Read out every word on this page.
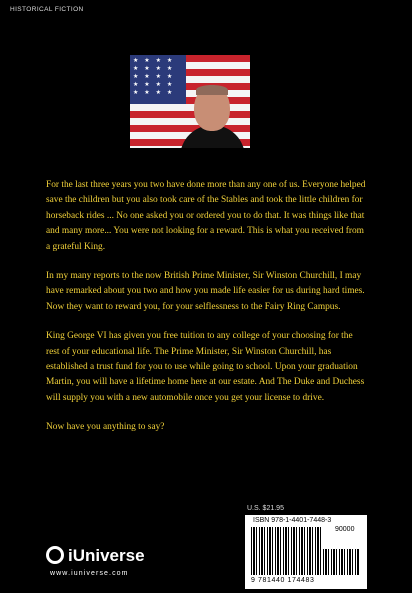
HISTORICAL FICTION
★ ★ ★ ★ ★ ★ ★ ★ ★ ★ ★ ★ ★ ★ ★ ★ ★ ★ ★ ★

For the last three years you two have done more than any one of us. Everyone helped save the children but you also took care of the Stables and took the little children for horseback rides ... No one asked you or ordered you to do that. It was things like that and many more... You were not looking for a reward. This is what you received from a grateful King.

In my many reports to the now British Prime Minister, Sir Winston Churchill, I may have remarked about you two and how you made life easier for us during hard times. Now they want to reward you, for your selflessness to the Fairy Ring Campus.

King George VI has given you free tuition to any college of your choosing for the rest of your educational life. The Prime Minister, Sir Winston Churchill, has established a trust fund for you to use while going to school. Upon your graduation Martin, you will have a lifetime home here at our estate. And The Duke and Duchess will supply you with a new automobile once you get your license to drive.

Now have you anything to say?

iUniverse
www.iuniverse.com
U.S. $21.95
ISBN 978-1-4401-7448-3
90000
9 781440 174483
